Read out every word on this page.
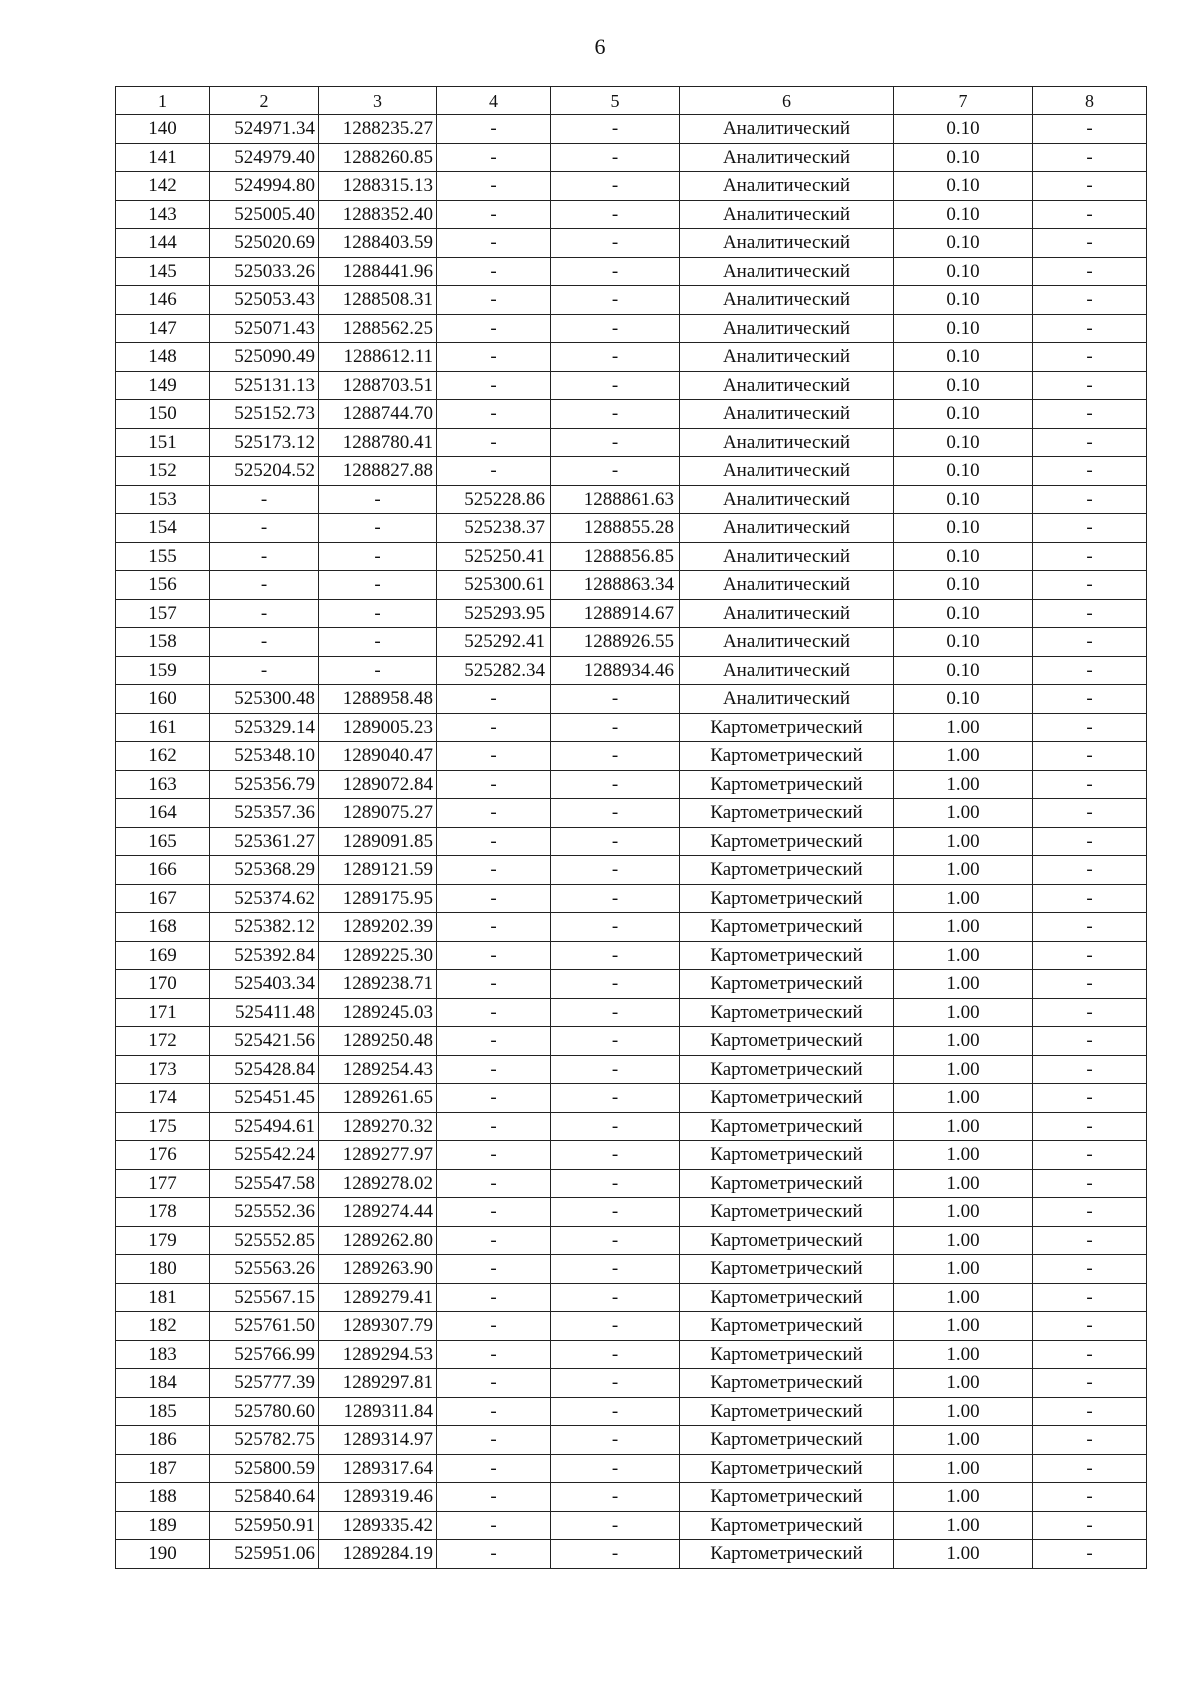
6
1	2	3	4	5	6	7	8
140	524971.34	1288235.27	-	-	Аналитический	0.10	-
141	524979.40	1288260.85	-	-	Аналитический	0.10	-
142	524994.80	1288315.13	-	-	Аналитический	0.10	-
143	525005.40	1288352.40	-	-	Аналитический	0.10	-
144	525020.69	1288403.59	-	-	Аналитический	0.10	-
145	525033.26	1288441.96	-	-	Аналитический	0.10	-
146	525053.43	1288508.31	-	-	Аналитический	0.10	-
147	525071.43	1288562.25	-	-	Аналитический	0.10	-
148	525090.49	1288612.11	-	-	Аналитический	0.10	-
149	525131.13	1288703.51	-	-	Аналитический	0.10	-
150	525152.73	1288744.70	-	-	Аналитический	0.10	-
151	525173.12	1288780.41	-	-	Аналитический	0.10	-
152	525204.52	1288827.88	-	-	Аналитический	0.10	-
153	-	-	525228.86	1288861.63	Аналитический	0.10	-
154	-	-	525238.37	1288855.28	Аналитический	0.10	-
155	-	-	525250.41	1288856.85	Аналитический	0.10	-
156	-	-	525300.61	1288863.34	Аналитический	0.10	-
157	-	-	525293.95	1288914.67	Аналитический	0.10	-
158	-	-	525292.41	1288926.55	Аналитический	0.10	-
159	-	-	525282.34	1288934.46	Аналитический	0.10	-
160	525300.48	1288958.48	-	-	Аналитический	0.10	-
161	525329.14	1289005.23	-	-	Картометрический	1.00	-
162	525348.10	1289040.47	-	-	Картометрический	1.00	-
163	525356.79	1289072.84	-	-	Картометрический	1.00	-
164	525357.36	1289075.27	-	-	Картометрический	1.00	-
165	525361.27	1289091.85	-	-	Картометрический	1.00	-
166	525368.29	1289121.59	-	-	Картометрический	1.00	-
167	525374.62	1289175.95	-	-	Картометрический	1.00	-
168	525382.12	1289202.39	-	-	Картометрический	1.00	-
169	525392.84	1289225.30	-	-	Картометрический	1.00	-
170	525403.34	1289238.71	-	-	Картометрический	1.00	-
171	525411.48	1289245.03	-	-	Картометрический	1.00	-
172	525421.56	1289250.48	-	-	Картометрический	1.00	-
173	525428.84	1289254.43	-	-	Картометрический	1.00	-
174	525451.45	1289261.65	-	-	Картометрический	1.00	-
175	525494.61	1289270.32	-	-	Картометрический	1.00	-
176	525542.24	1289277.97	-	-	Картометрический	1.00	-
177	525547.58	1289278.02	-	-	Картометрический	1.00	-
178	525552.36	1289274.44	-	-	Картометрический	1.00	-
179	525552.85	1289262.80	-	-	Картометрический	1.00	-
180	525563.26	1289263.90	-	-	Картометрический	1.00	-
181	525567.15	1289279.41	-	-	Картометрический	1.00	-
182	525761.50	1289307.79	-	-	Картометрический	1.00	-
183	525766.99	1289294.53	-	-	Картометрический	1.00	-
184	525777.39	1289297.81	-	-	Картометрический	1.00	-
185	525780.60	1289311.84	-	-	Картометрический	1.00	-
186	525782.75	1289314.97	-	-	Картометрический	1.00	-
187	525800.59	1289317.64	-	-	Картометрический	1.00	-
188	525840.64	1289319.46	-	-	Картометрический	1.00	-
189	525950.91	1289335.42	-	-	Картометрический	1.00	-
190	525951.06	1289284.19	-	-	Картометрический	1.00	-
